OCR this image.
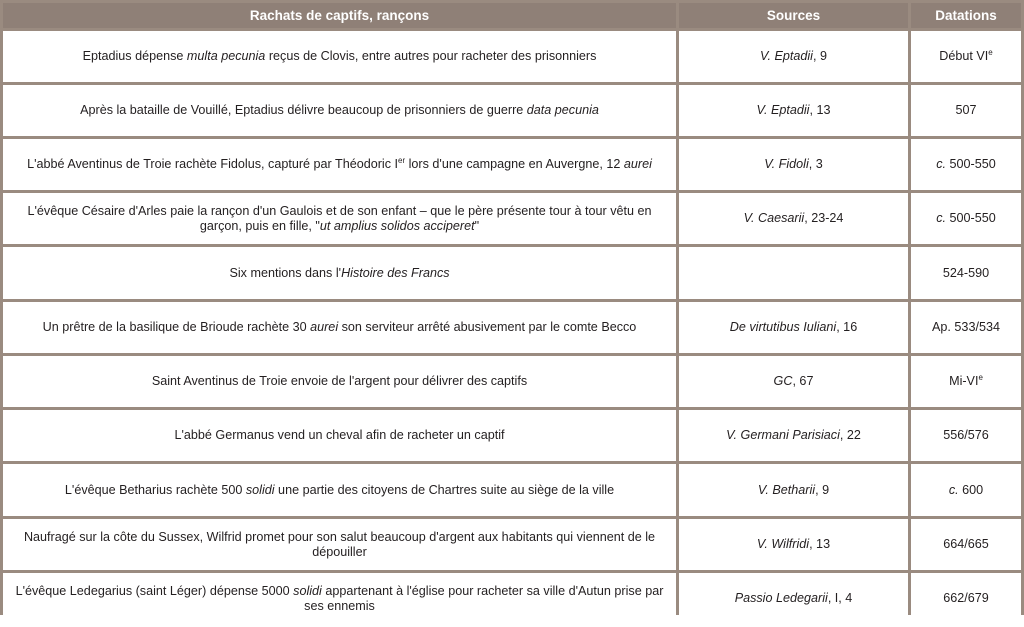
Rachats de captifs, rançons	Sources	Datations
Eptadius dépense multa pecunia reçus de Clovis, entre autres pour racheter des prisonniers	V. Eptadii, 9	Début VIe
Après la bataille de Vouillé, Eptadius délivre beaucoup de prisonniers de guerre data pecunia	V. Eptadii, 13	507
L'abbé Aventinus de Troie rachète Fidolus, capturé par Théodoric Ier lors d'une campagne en Auvergne, 12 aurei	V. Fidoli, 3	c. 500-550
L'évêque Césaire d'Arles paie la rançon d'un Gaulois et de son enfant – que le père présente tour à tour vêtu en garçon, puis en fille, "ut amplius solidos acciperet"	V. Caesarii, 23-24	c. 500-550
Six mentions dans l'Histoire des Francs		524-590
Un prêtre de la basilique de Brioude rachète 30 aurei son serviteur arrêté abusivement par le comte Becco	De virtutibus Iuliani, 16	Ap. 533/534
Saint Aventinus de Troie envoie de l'argent pour délivrer des captifs	GC, 67	Mi-VIe
L'abbé Germanus vend un cheval afin de racheter un captif	V. Germani Parisiaci, 22	556/576
L'évêque Betharius rachète 500 solidi une partie des citoyens de Chartres suite au siège de la ville	V. Betharii, 9	c. 600
Naufragé sur la côte du Sussex, Wilfrid promet pour son salut beaucoup d'argent aux habitants qui viennent de le dépouiller	V. Wilfridi, 13	664/665
L'évêque Ledegarius (saint Léger) dépense 5000 solidi appartenant à l'église pour racheter sa ville d'Autun prise par ses ennemis	Passio Ledegarii, I, 4	662/679
